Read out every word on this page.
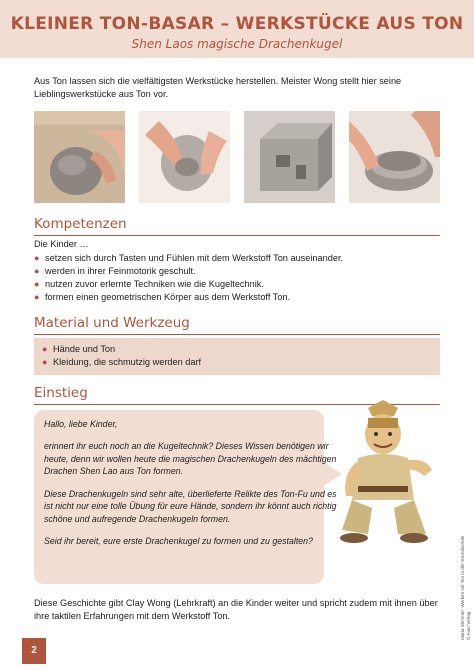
KLEINER TON-BASAR – WERKSTÜCKE AUS TON
Shen Laos magische Drachenkugel
Aus Ton lassen sich die vielfältigsten Werkstücke herstellen. Meister Wong stellt hier seine Lieblingswerkstücke aus Ton vor.
Kompetenzen
Die Kinder …
● setzen sich durch Tasten und Fühlen mit dem Werkstoff Ton auseinander.
● werden in ihrer Feinmotorik geschult.
● nutzen zuvor erlernte Techniken wie die Kugeltechnik.
● formen einen geometrischen Körper aus dem Werkstoff Ton.
Material und Werkzeug
● Hände und Ton
● Kleidung, die schmutzig werden darf
Einstieg

Hallo, liebe Kinder,

erinnert ihr euch noch an die Kugeltechnik? Dieses Wissen benötigen wir heute, denn wir wollen heute die magischen Drachenkugeln des mächtigen Drachen Shen Lao aus Ton formen.

Diese Drachenkugeln sind sehr alte, überlieferte Relikte des Ton-Fu und es ist nicht nur eine tolle Übung für eure Hände, sondern ihr könnt auch richtig schöne und aufregende Drachenkugeln formen.

Seid ihr bereit, eure erste Drachenkugel zu formen und zu gestalten?

Diese Geschichte gibt Clay Wong (Lehrkraft) an die Kinder weiter und spricht zudem mit ihnen über ihre taktilen Erfahrungen mit dem Werkstoff Ton.
2
Maria Wimmer: Werken mit Ton in der Grundschule © Auer Verlag
